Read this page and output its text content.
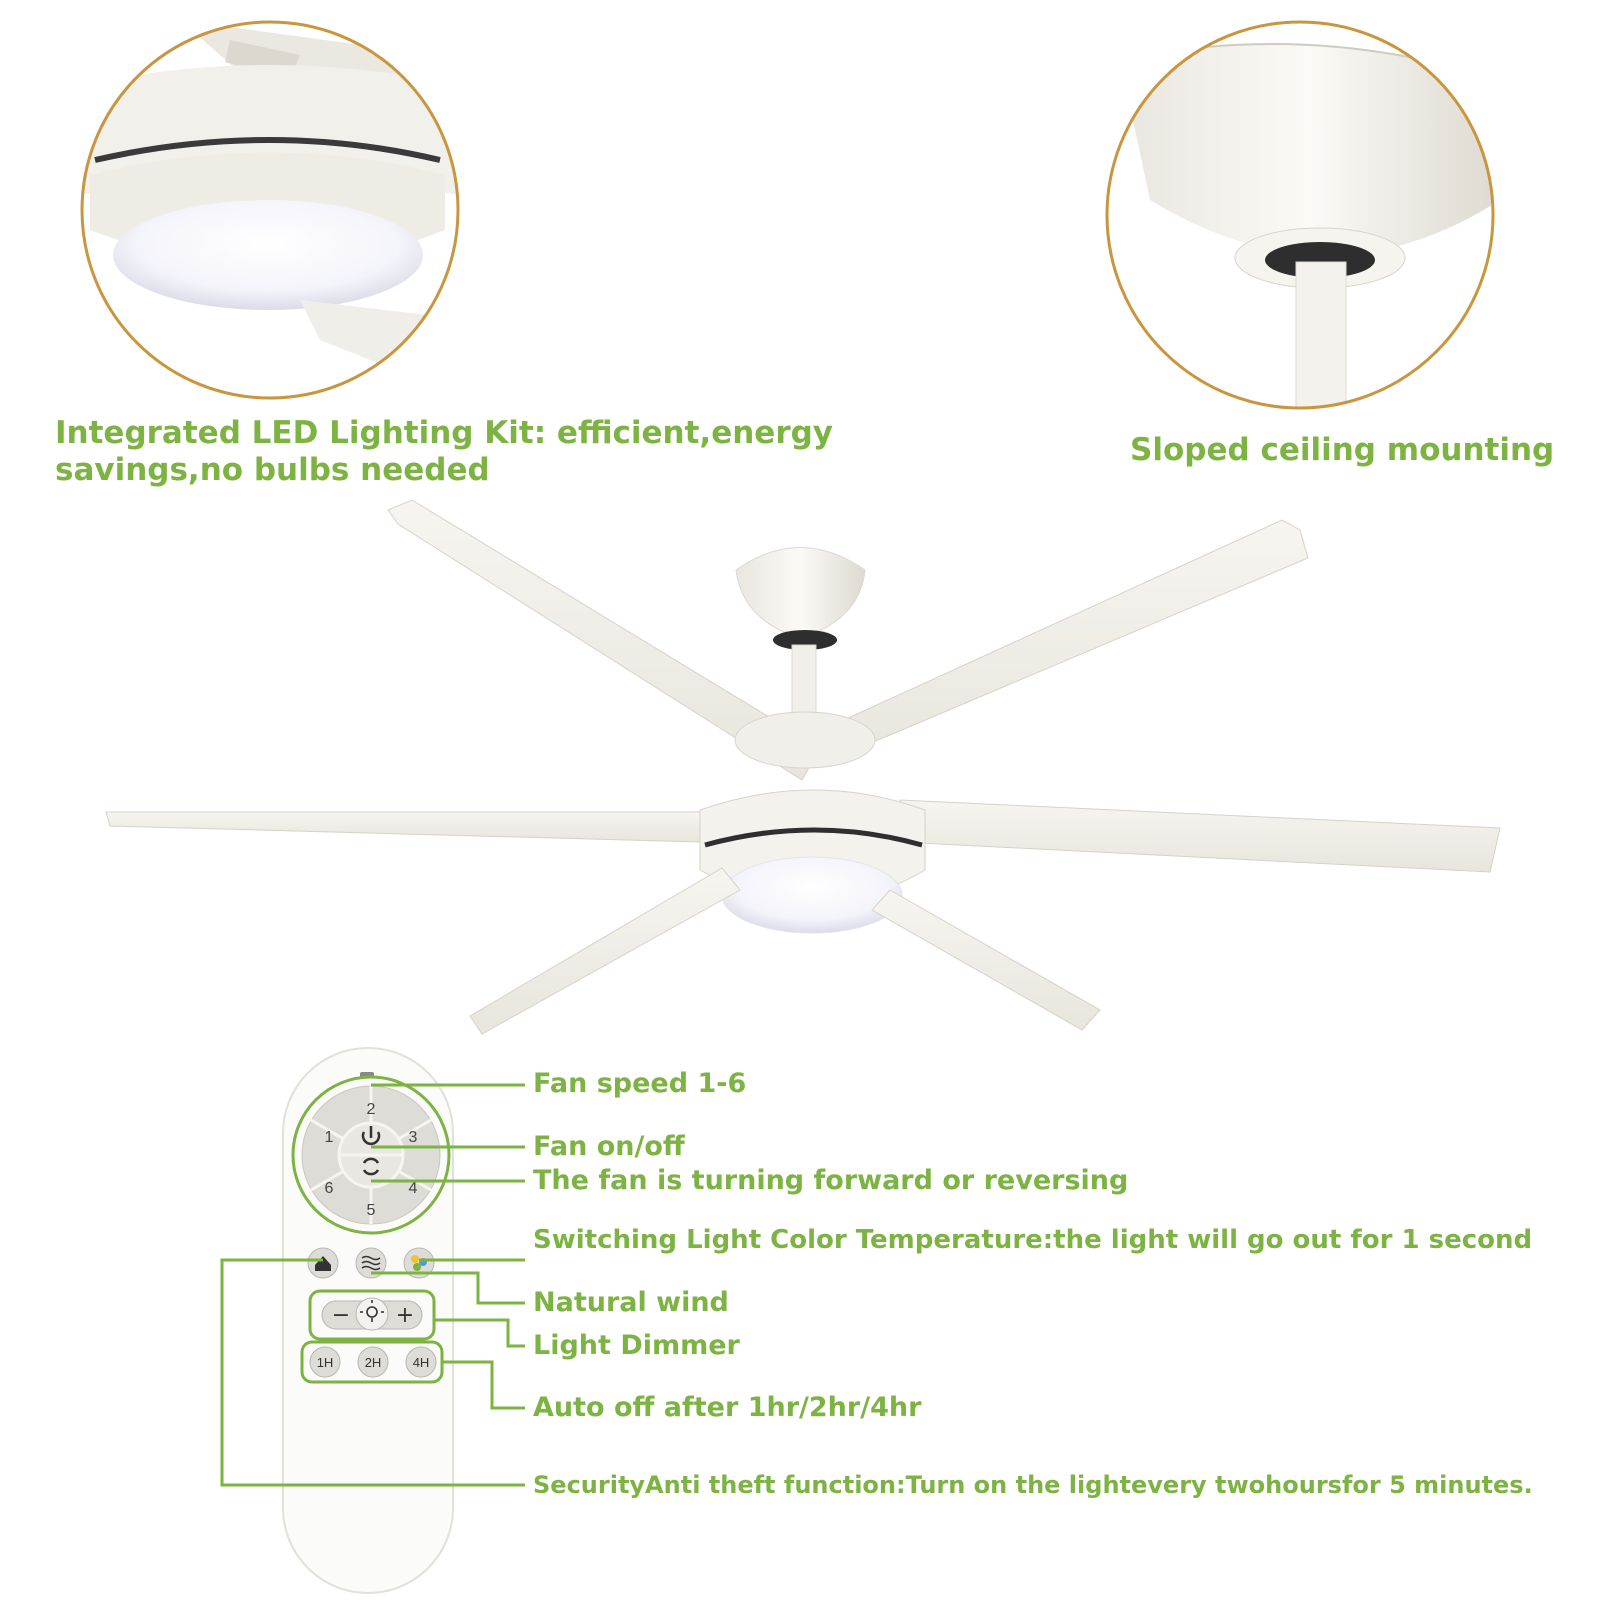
2
3
4
5
6
1
− +
1H 2H 4H
Integrated LED Lighting Kit: efficient,energy
savings,no bulbs needed
Sloped ceiling mounting
Fan speed 1-6
Fan on/off
The fan is turning forward or reversing
Switching Light Color Temperature:the light will go out for 1 second
Natural wind
Light Dimmer
Auto off after 1hr/2hr/4hr
SecurityAnti theft function:Turn on the lightevery twohoursfor 5 minutes.
